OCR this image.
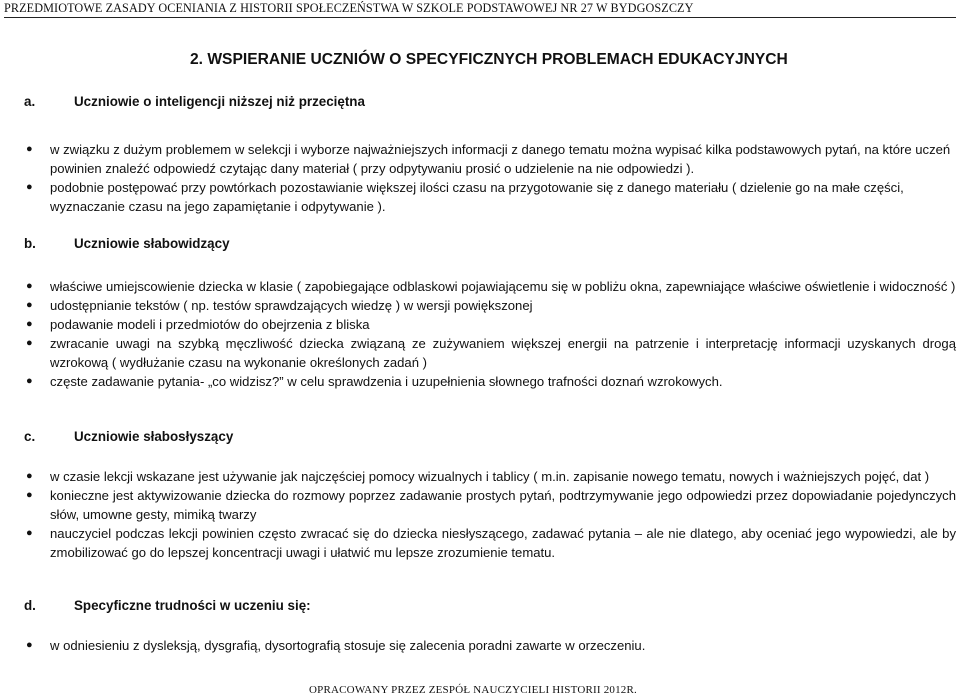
PRZEDMIOTOWE ZASADY OCENIANIA Z HISTORII SPOŁECZEŃSTWA W SZKOLE PODSTAWOWEJ NR 27 W BYDGOSZCZY
2. WSPIERANIE UCZNIÓW O SPECYFICZNYCH PROBLEMACH EDUKACYJNYCH
a.	Uczniowie o inteligencji niższej niż przeciętna
● w związku z dużym problemem w selekcji i wyborze najważniejszych informacji z danego tematu można wypisać kilka podstawowych pytań, na które uczeń powinien znaleźć odpowiedź czytając dany materiał ( przy odpytywaniu prosić o udzielenie na nie odpowiedzi ).
● podobnie postępować przy powtórkach pozostawianie większej ilości czasu na przygotowanie się z danego materiału ( dzielenie go na małe części, wyznaczanie czasu na jego zapamiętanie i odpytywanie ).
b.	Uczniowie słabowidzący
● właściwe umiejscowienie dziecka w klasie ( zapobiegające odblaskowi pojawiającemu się w pobliżu okna, zapewniające właściwe oświetlenie i widoczność )
● udostępnianie tekstów ( np. testów sprawdzających wiedzę ) w wersji powiększonej
● podawanie modeli i przedmiotów do obejrzenia z bliska
● zwracanie uwagi na szybką męczliwość dziecka związaną ze zużywaniem większej energii na patrzenie i interpretację informacji uzyskanych drogą wzrokową ( wydłużanie czasu na wykonanie określonych zadań )
● częste zadawanie pytania- „co widzisz?” w celu sprawdzenia i uzupełnienia słownego trafności doznań wzrokowych.
c.	Uczniowie słabosłyszący
● w czasie lekcji wskazane jest używanie jak najczęściej pomocy wizualnych i tablicy ( m.in. zapisanie nowego tematu, nowych i ważniejszych pojęć, dat )
● konieczne jest aktywizowanie dziecka do rozmowy poprzez zadawanie prostych pytań, podtrzymywanie jego odpowiedzi przez dopowiadanie pojedynczych słów, umowne gesty, mimiką twarzy
● nauczyciel podczas lekcji powinien często zwracać się do dziecka niesłyszącego, zadawać pytania – ale nie dlatego, aby oceniać jego wypowiedzi, ale by zmobilizować go do lepszej koncentracji uwagi i ułatwić mu lepsze zrozumienie tematu.
d.	Specyficzne trudności w uczeniu się:
● w odniesieniu z dysleksją, dysgrafią, dysortografią stosuje się zalecenia poradni zawarte w orzeczeniu.
OPRACOWANY PRZEZ ZESPÓŁ NAUCZYCIELI HISTORII 2012R.
